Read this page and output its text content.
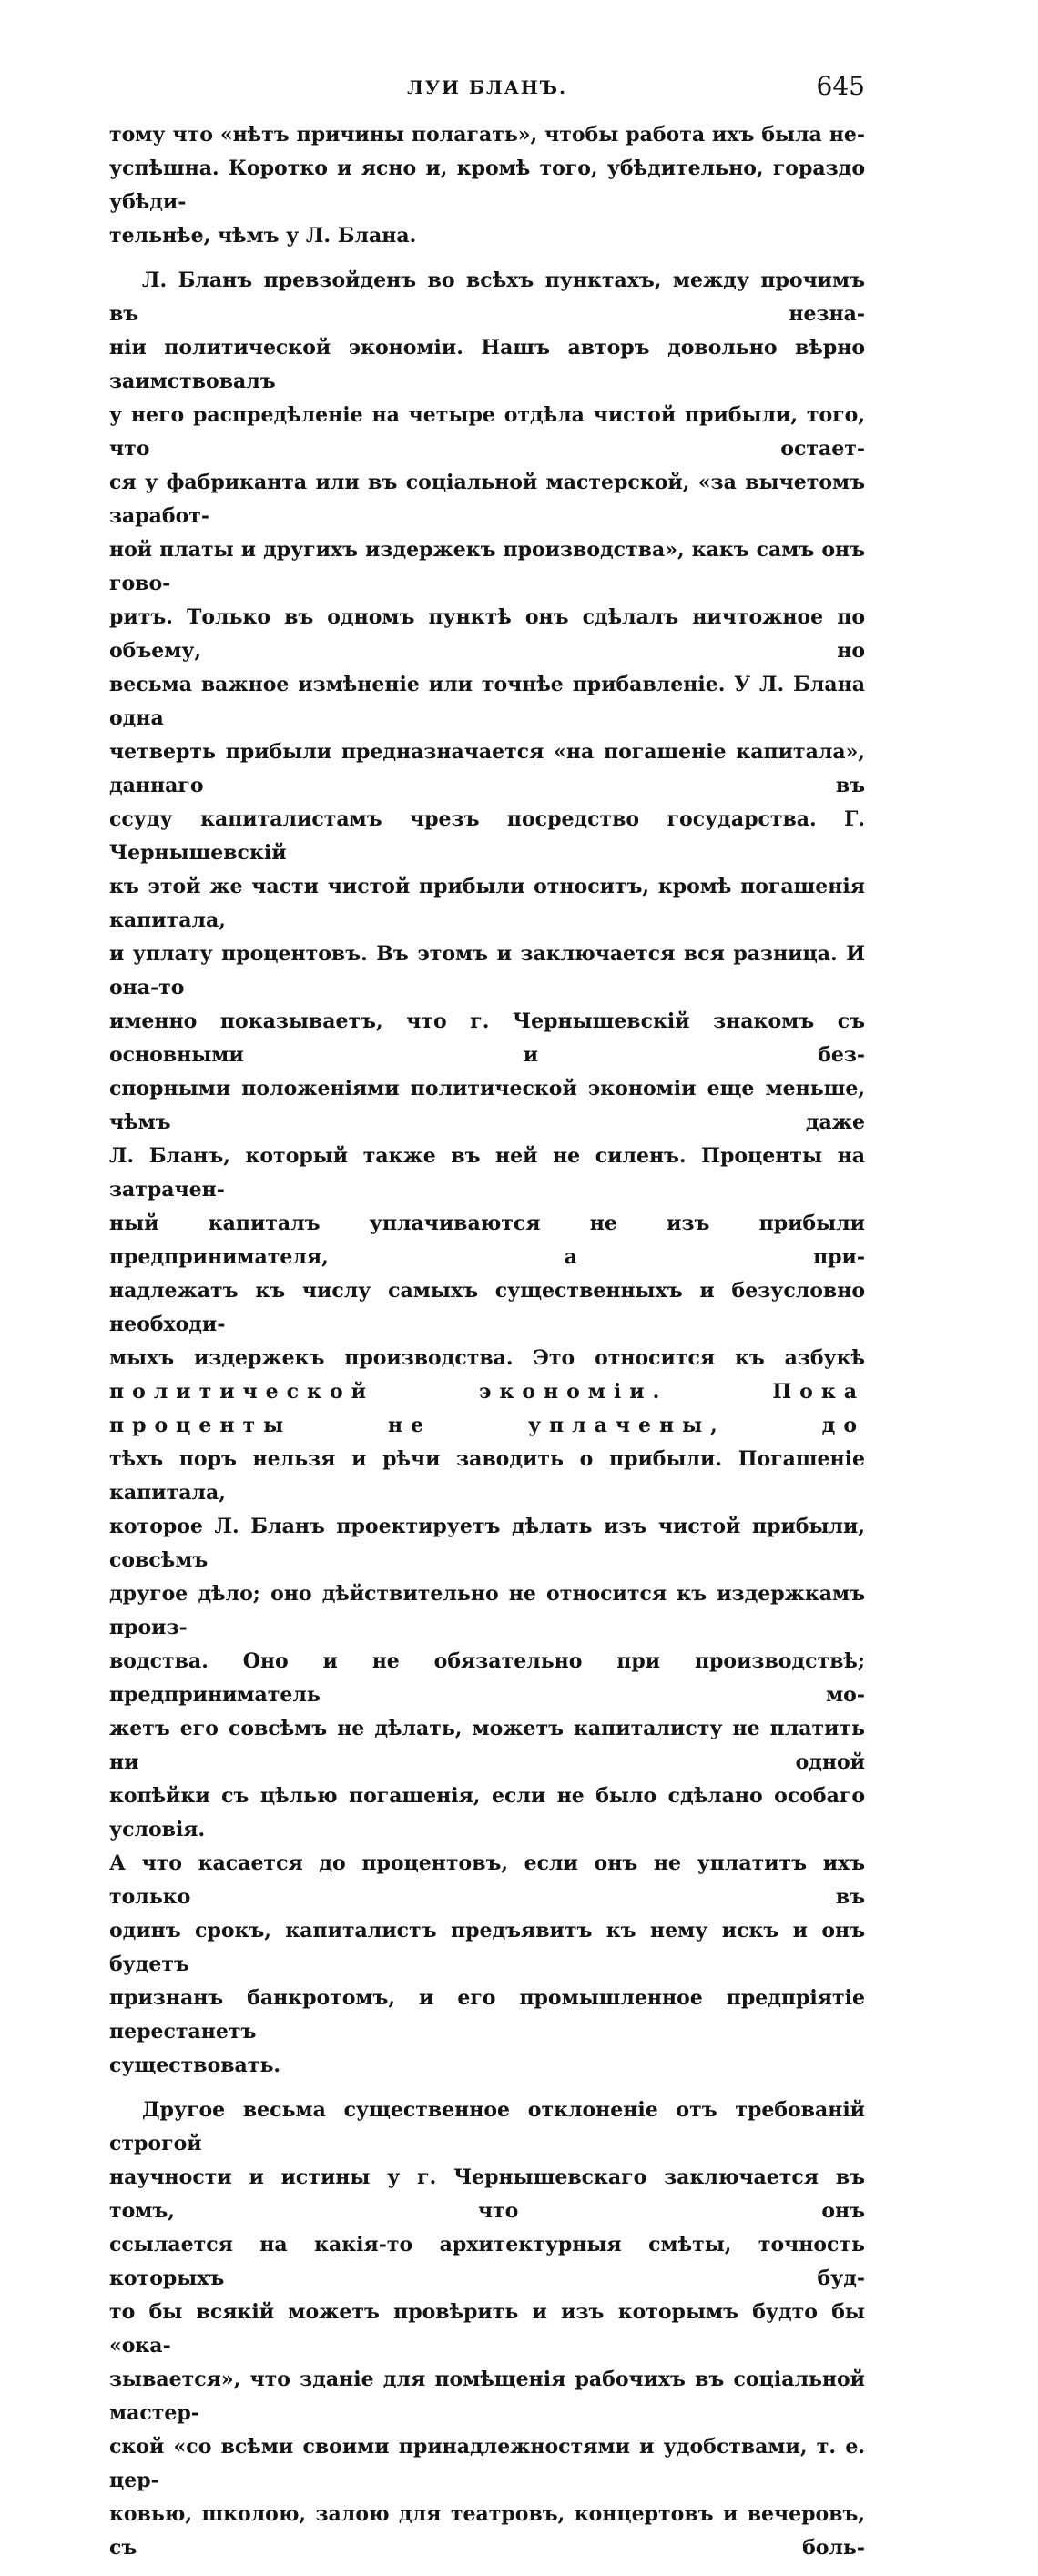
ЛУИ БЛАНЪ.	645
тому что «нѣтъ причины полагать», чтобы работа ихъ была не-
успѣшна. Коротко и ясно и, кромѣ того, убѣдительно, гораздо убѣди-
тельнѣе, чѣмъ у Л. Блана.
Л. Бланъ превзойденъ во всѣхъ пунктахъ, между прочимъ въ незна-
ніи политической экономіи. Нашъ авторъ довольно вѣрно заимствовалъ
у него распредѣленіе на четыре отдѣла чистой прибыли, того, что остает-
ся у фабриканта или въ соціальной мастерской, «за вычетомъ заработ-
ной платы и другихъ издержекъ производства», какъ самъ онъ гово-
ритъ. Только въ одномъ пунктѣ онъ сдѣлалъ ничтожное по объему, но
весьма важное измѣненіе или точнѣе прибавленіе. У Л. Блана одна
четверть прибыли предназначается «на погашеніе капитала», даннаго въ
ссуду капиталистамъ чрезъ посредство государства. Г. Чернышевскій
къ этой же части чистой прибыли относитъ, кромѣ погашенія капитала,
и уплату процентовъ. Въ этомъ и заключается вся разница. И она-то
именно показываетъ, что г. Чернышевскій знакомъ съ основными и без-
спорными положеніями политической экономіи еще меньше, чѣмъ даже
Л. Бланъ, который также въ ней не силенъ. Проценты на затрачен-
ный капиталъ уплачиваются не изъ прибыли предпринимателя, а при-
надлежатъ къ числу самыхъ существенныхъ и безусловно необходи-
мыхъ издержекъ производства. Это относится къ азбукѣ
политической экономіи. Пока проценты не уплачены, до
тѣхъ поръ нельзя и рѣчи заводить о прибыли. Погашеніе капитала,
которое Л. Бланъ проектируетъ дѣлать изъ чистой прибыли, совсѣмъ
другое дѣло; оно дѣйствительно не относится къ издержкамъ произ-
водства. Оно и не обязательно при производствѣ; предприниматель мо-
жетъ его совсѣмъ не дѣлать, можетъ капиталисту не платить ни одной
копѣйки съ цѣлью погашенія, если не было сдѣлано особаго условія.
А что касается до процентовъ, если онъ не уплатитъ ихъ только въ
одинъ срокъ, капиталистъ предъявитъ къ нему искъ и онъ будетъ
признанъ банкротомъ, и его промышленное предпріятіе перестанетъ
существовать.
Другое весьма существенное отклоненіе отъ требованій строгой
научности и истины у г. Чернышевскаго заключается въ томъ, что онъ
ссылается на какія-то архитектурныя смѣты, точность которыхъ буд-
то бы всякій можетъ провѣрить и изъ которымъ будто бы «ока-
зывается», что зданіе для помѣщенія рабочихъ въ соціальной мастер-
ской «со всѣми своими принадлежностями и удобствами, т. е. цер-
ковью, школою, залою для театровъ, концертовъ и вечеровъ, съ боль-
